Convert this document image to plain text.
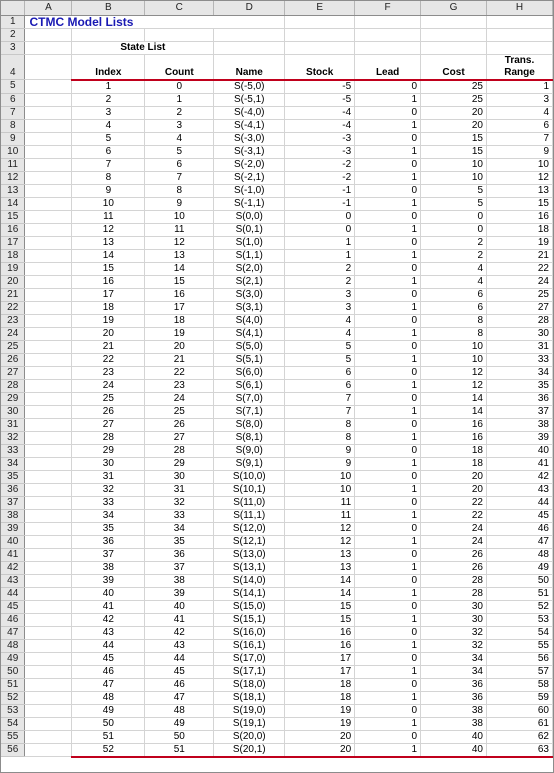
	A	B	C	D	E	F	G	H
1	CTMC Model Lists							
2								
3		State List						
4		Index	Count	Name	Stock	Lead	Cost	Trans.
Range

5		1	0	S(-5,0)	-5	0	25	1
6		2	1	S(-5,1)	-5	1	25	3
7		3	2	S(-4,0)	-4	0	20	4
8		4	3	S(-4,1)	-4	1	20	6
9		5	4	S(-3,0)	-3	0	15	7
10		6	5	S(-3,1)	-3	1	15	9
11		7	6	S(-2,0)	-2	0	10	10
12		8	7	S(-2,1)	-2	1	10	12
13		9	8	S(-1,0)	-1	0	5	13
14		10	9	S(-1,1)	-1	1	5	15
15		11	10	S(0,0)	0	0	0	16
16		12	11	S(0,1)	0	1	0	18
17		13	12	S(1,0)	1	0	2	19
18		14	13	S(1,1)	1	1	2	21
19		15	14	S(2,0)	2	0	4	22
20		16	15	S(2,1)	2	1	4	24
21		17	16	S(3,0)	3	0	6	25
22		18	17	S(3,1)	3	1	6	27
23		19	18	S(4,0)	4	0	8	28
24		20	19	S(4,1)	4	1	8	30
25		21	20	S(5,0)	5	0	10	31
26		22	21	S(5,1)	5	1	10	33
27		23	22	S(6,0)	6	0	12	34
28		24	23	S(6,1)	6	1	12	35
29		25	24	S(7,0)	7	0	14	36
30		26	25	S(7,1)	7	1	14	37
31		27	26	S(8,0)	8	0	16	38
32		28	27	S(8,1)	8	1	16	39
33		29	28	S(9,0)	9	0	18	40
34		30	29	S(9,1)	9	1	18	41
35		31	30	S(10,0)	10	0	20	42
36		32	31	S(10,1)	10	1	20	43
37		33	32	S(11,0)	11	0	22	44
38		34	33	S(11,1)	11	1	22	45
39		35	34	S(12,0)	12	0	24	46
40		36	35	S(12,1)	12	1	24	47
41		37	36	S(13,0)	13	0	26	48
42		38	37	S(13,1)	13	1	26	49
43		39	38	S(14,0)	14	0	28	50
44		40	39	S(14,1)	14	1	28	51
45		41	40	S(15,0)	15	0	30	52
46		42	41	S(15,1)	15	1	30	53
47		43	42	S(16,0)	16	0	32	54
48		44	43	S(16,1)	16	1	32	55
49		45	44	S(17,0)	17	0	34	56
50		46	45	S(17,1)	17	1	34	57
51		47	46	S(18,0)	18	0	36	58
52		48	47	S(18,1)	18	1	36	59
53		49	48	S(19,0)	19	0	38	60
54		50	49	S(19,1)	19	1	38	61
55		51	50	S(20,0)	20	0	40	62
56		52	51	S(20,1)	20	1	40	63
